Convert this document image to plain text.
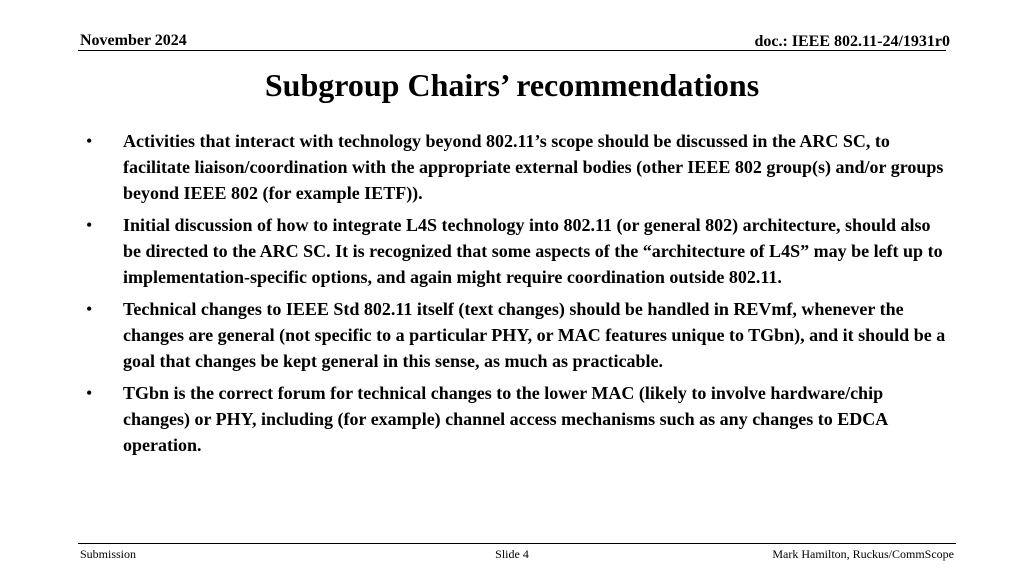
November 2024	doc.: IEEE 802.11-24/1931r0
Subgroup Chairs’ recommendations
•	Activities that interact with technology beyond 802.11’s scope should be discussed in the ARC SC, to facilitate liaison/coordination with the appropriate external bodies (other IEEE 802 group(s) and/or groups beyond IEEE 802 (for example IETF)).
•	Initial discussion of how to integrate L4S technology into 802.11 (or general 802) architecture, should also be directed to the ARC SC. It is recognized that some aspects of the “architecture of L4S” may be left up to implementation-specific options, and again might require coordination outside 802.11.
•	Technical changes to IEEE Std 802.11 itself (text changes) should be handled in REVmf, whenever the changes are general (not specific to a particular PHY, or MAC features unique to TGbn), and it should be a goal that changes be kept general in this sense, as much as practicable.
•	TGbn is the correct forum for technical changes to the lower MAC (likely to involve hardware/chip changes) or PHY, including (for example) channel access mechanisms such as any changes to EDCA operation.
Submission	Slide 4	Mark Hamilton, Ruckus/CommScope
